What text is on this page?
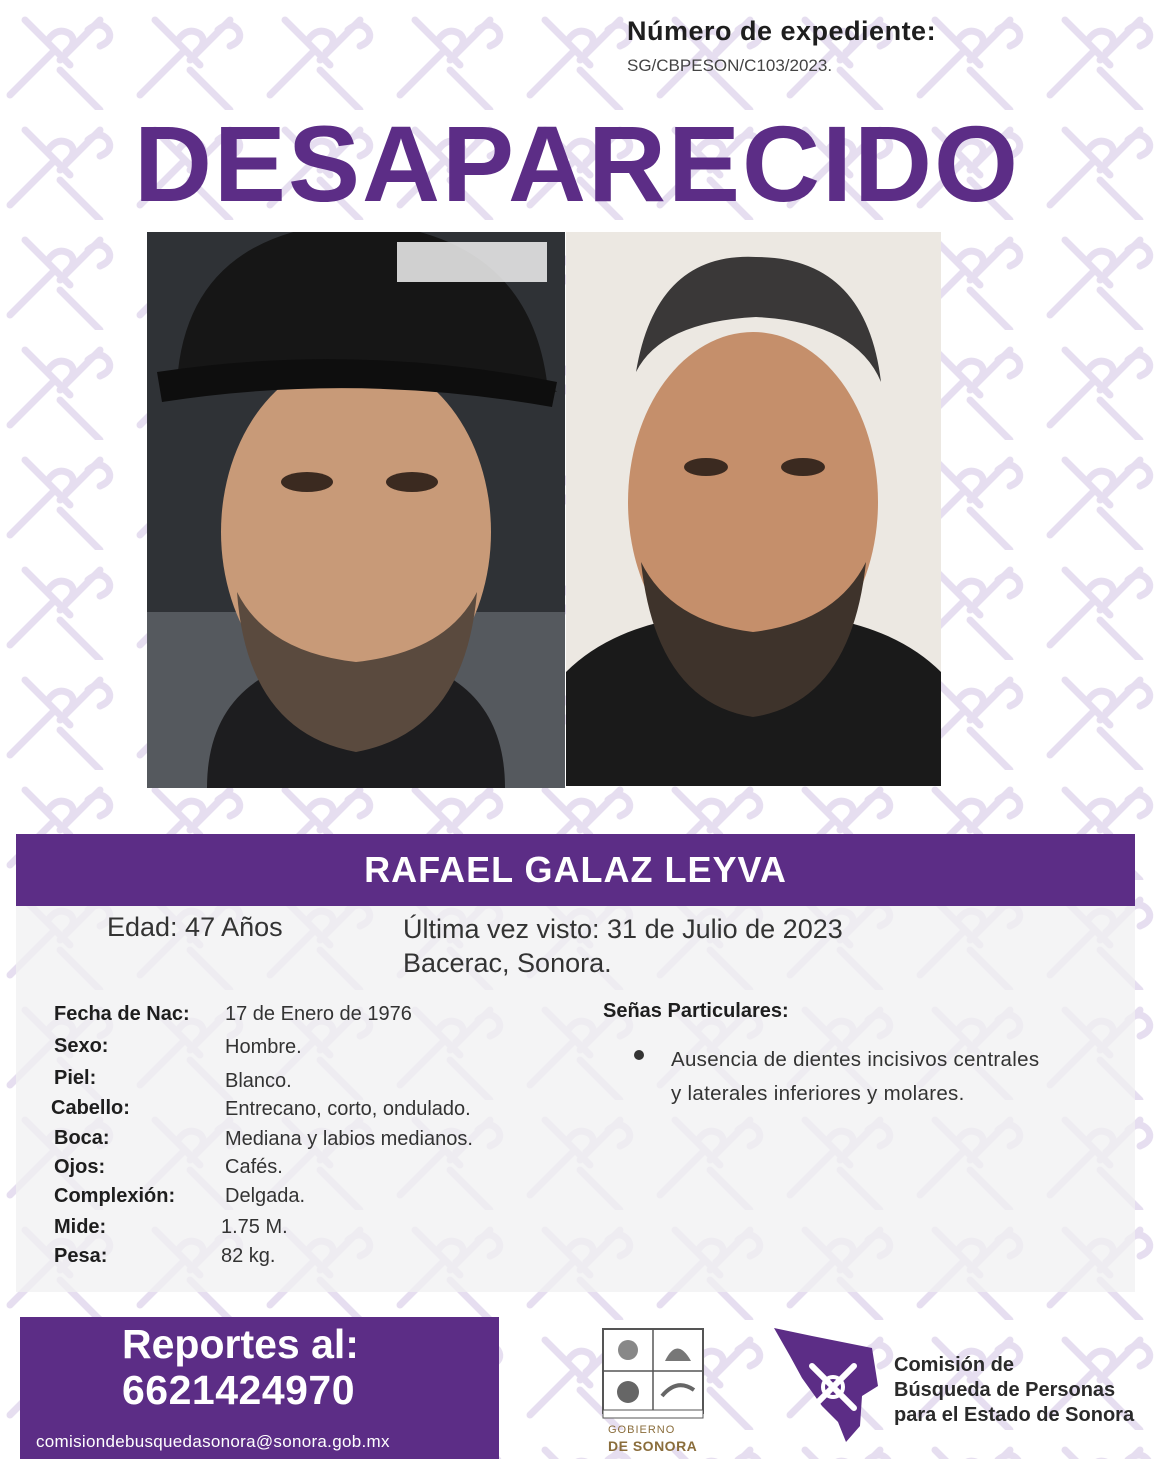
Número de expediente:
SG/CBPESON/C103/2023.
DESAPARECIDO
RAFAEL GALAZ LEYVA
Edad: 47 Años	Última vez visto: 31 de Julio de 2023
Bacerac, Sonora.
Fecha de Nac: 17 de Enero de 1976
Sexo:	Hombre.
Piel:	Blanco.
Cabello:	Entrecano, corto, ondulado.
Boca:	Mediana y labios medianos.
Ojos:	Cafés.
Complexión: Delgada.
Mide:	1.75 M.
Pesa:	82 kg.
Señas Particulares:
Ausencia de dientes incisivos centrales
y laterales inferiores y molares.
Reportes al:
6621424970
comisiondebusquedasonora@sonora.gob.mx
GOBIERNO
DE SONORA
Comisión de
Búsqueda de Personas
para el Estado de Sonora
